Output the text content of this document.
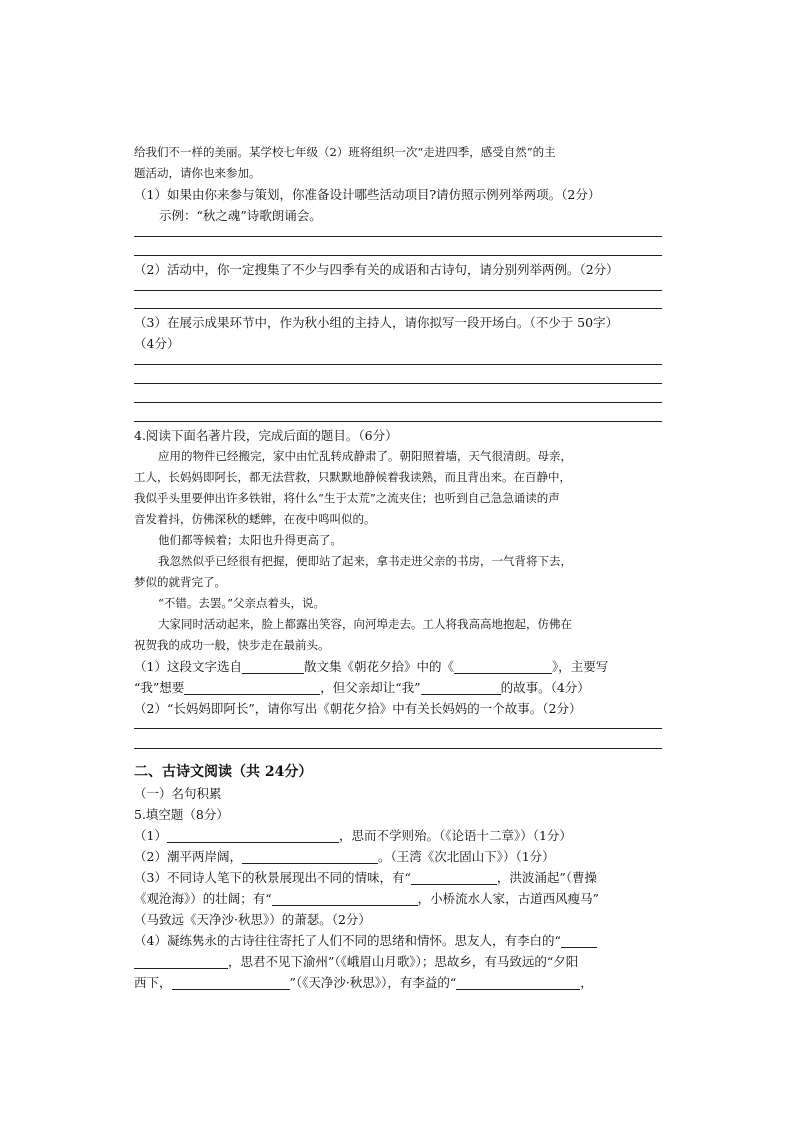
给我们不一样的美丽。某学校七年级（2）班将组织一次“走进四季，感受自然”的主

题活动，请你也来参加。

（1）如果由你来参与策划，你准备设计哪些活动项目?请仿照示例列举两项。（2分）

示例：“秋之魂”诗歌朗诵会。

（2）活动中，你一定搜集了不少与四季有关的成语和古诗句，请分别列举两例。（2分）

（3）在展示成果环节中，作为秋小组的主持人，请你拟写一段开场白。（不少于 50字）

（4分）

4.阅读下面名著片段，完成后面的题目。（6分）

应用的物件已经搬完，家中由忙乱转成静肃了。朝阳照着墙，天气很清朗。母亲，

工人，长妈妈即阿长，都无法营救，只默默地静候着我读熟，而且背出来。在百静中，

我似乎头里要伸出许多铁钳，将什么“生于太荒”之流夹住；也听到自己急急诵读的声

音发着抖，仿佛深秋的蟋蟀，在夜中鸣叫似的。

他们都等候着；太阳也升得更高了。

我忽然似乎已经很有把握，便即站了起来，拿书走进父亲的书房，一气背将下去，

梦似的就背完了。

“不错。去罢。”父亲点着头，说。

大家同时活动起来，脸上都露出笑容，向河埠走去。工人将我高高地抱起，仿佛在

祝贺我的成功一般，快步走在最前头。

（1）这段文字选自	散文集《朝花夕拾》中的《	》，主要写

“我”想要	，但父亲却让“我”	的故事。（4分）

（2）“长妈妈即阿长”，请你写出《朝花夕拾》中有关长妈妈的一个故事。（2分）

二、古诗文阅读（共 24分）

（一）名句积累

5.填空题（8分）

（1）	，思而不学则殆。（《论语十二章》）（1分）

（2）潮平两岸阔，	。（王湾《次北固山下》）（1分）

（3）不同诗人笔下的秋景展现出不同的情味，有“	，洪波涌起”（曹操

《观沧海》）的壮阔；有“	，小桥流水人家，古道西风瘦马”

（马致远《天净沙·秋思》）的萧瑟。（2分）

（4）凝练隽永的古诗往往寄托了人们不同的思绪和情怀。思友人，有李白的“

，思君不见下渝州”（《峨眉山月歌》）；思故乡，有马致远的“夕阳

西下，	”（《天净沙·秋思》），有李益的“	，
